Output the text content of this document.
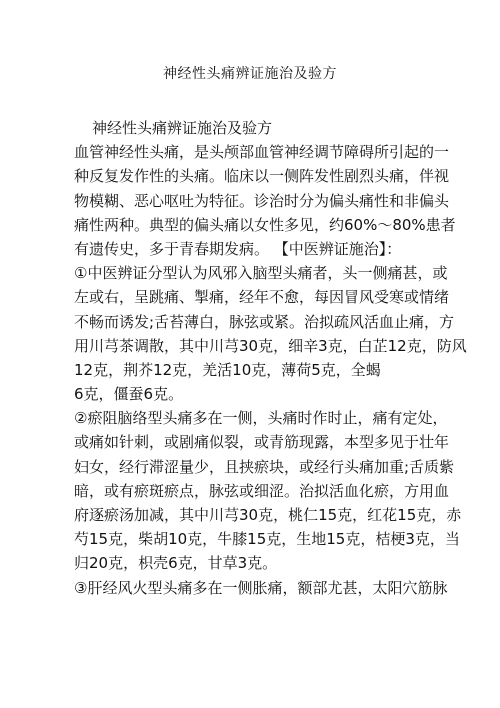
神经性头痛辨证施治及验方
神经性头痛辨证施治及验方
血管神经性头痛，是头颅部血管神经调节障碍所引起的一
种反复发作性的头痛。临床以一侧阵发性剧烈头痛，伴视
物模糊、恶心呕吐为特征。诊治时分为偏头痛性和非偏头
痛性两种。典型的偏头痛以女性多见，约60%～80%患者
有遗传史，多于青春期发病。 【中医辨证施治】：
①中医辨证分型认为风邪入脑型头痛者，头一侧痛甚，或
左或右，呈跳痛、掣痛，经年不愈，每因冒风受寒或情绪
不畅而诱发;舌苔薄白，脉弦或紧。治拟疏风活血止痛，方
用川芎茶调散，其中川芎30克，细辛3克，白芷12克，防风
12克，荆芥12克，羌活10克，薄荷5克，全蝎
6克，僵蚕6克。
②瘀阻脑络型头痛多在一侧，头痛时作时止，痛有定处，
或痛如针刺，或剧痛似裂，或青筋现露，本型多见于壮年
妇女，经行滞涩量少，且挟瘀块，或经行头痛加重;舌质紫
暗，或有瘀斑瘀点，脉弦或细涩。治拟活血化瘀，方用血
府逐瘀汤加减，其中川芎30克，桃仁15克，红花15克，赤
芍15克，柴胡10克，牛膝15克，生地15克，桔梗3克，当
归20克，枳壳6克，甘草3克。
③肝经风火型头痛多在一侧胀痛，额部尤甚，太阳穴筋脉
